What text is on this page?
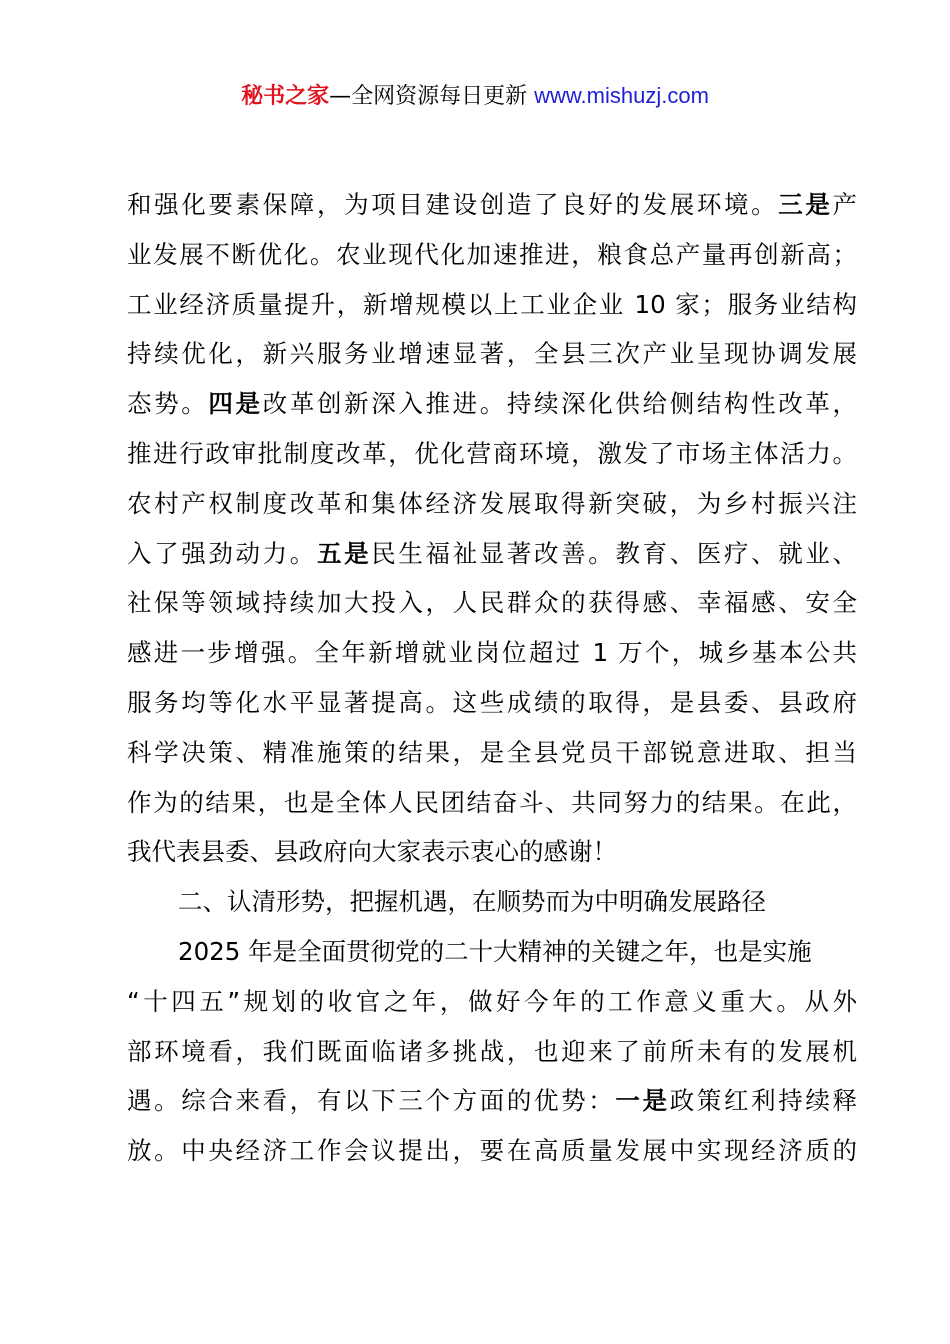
秘书之家—全网资源每日更新 www.mishuzj.com
和强化要素保障，为项目建设创造了良好的发展环境。三是产
业发展不断优化。农业现代化加速推进，粮食总产量再创新高；
工业经济质量提升，新增规模以上工业企业 10 家；服务业结构
持续优化，新兴服务业增速显著，全县三次产业呈现协调发展
态势。四是改革创新深入推进。持续深化供给侧结构性改革，
推进行政审批制度改革，优化营商环境，激发了市场主体活力。
农村产权制度改革和集体经济发展取得新突破，为乡村振兴注
入了强劲动力。五是民生福祉显著改善。教育、医疗、就业、
社保等领域持续加大投入，人民群众的获得感、幸福感、安全
感进一步增强。全年新增就业岗位超过 1 万个，城乡基本公共
服务均等化水平显著提高。这些成绩的取得，是县委、县政府
科学决策、精准施策的结果，是全县党员干部锐意进取、担当
作为的结果，也是全体人民团结奋斗、共同努力的结果。在此，
我代表县委、县政府向大家表示衷心的感谢！
二、认清形势，把握机遇，在顺势而为中明确发展路径
2025 年是全面贯彻党的二十大精神的关键之年，也是实施
“十四五”规划的收官之年，做好今年的工作意义重大。从外
部环境看，我们既面临诸多挑战，也迎来了前所未有的发展机
遇。综合来看，有以下三个方面的优势：一是政策红利持续释
放。中央经济工作会议提出，要在高质量发展中实现经济质的
